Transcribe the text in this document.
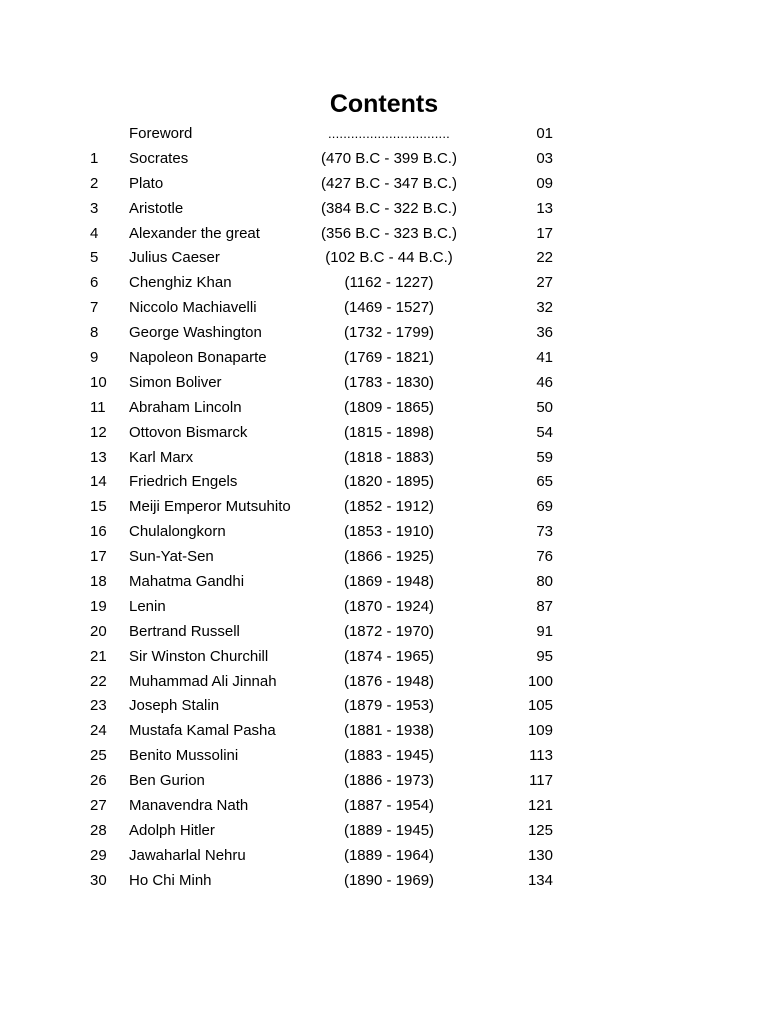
Contents
Foreword	................................	01
1 Socrates	(470 B.C - 399 B.C.)	03
2 Plato	(427 B.C - 347 B.C.)	09
3 Aristotle	(384 B.C - 322 B.C.)	13
4 Alexander the great	(356 B.C - 323 B.C.)	17
5 Julius Caeser	(102 B.C - 44 B.C.)	22
6 Chenghiz Khan	(1162 - 1227)	27
7 Niccolo Machiavelli	(1469 - 1527)	32
8 George Washington	(1732 - 1799)	36
9 Napoleon Bonaparte	(1769 - 1821)	41
10 Simon Boliver	(1783 - 1830)	46
11 Abraham Lincoln	(1809 - 1865)	50
12 Ottovon Bismarck	(1815 - 1898)	54
13 Karl Marx	(1818 - 1883)	59
14 Friedrich Engels	(1820 - 1895)	65
15 Meiji Emperor Mutsuhito	(1852 - 1912)	69
16 Chulalongkorn	(1853 - 1910)	73
17 Sun-Yat-Sen	(1866 - 1925)	76
18 Mahatma Gandhi	(1869 - 1948)	80
19 Lenin	(1870 - 1924)	87
20 Bertrand Russell	(1872 - 1970)	91
21 Sir Winston Churchill	(1874 - 1965)	95
22 Muhammad Ali Jinnah	(1876 - 1948)	100
23 Joseph Stalin	(1879 - 1953)	105
24 Mustafa Kamal Pasha	(1881 - 1938)	109
25 Benito Mussolini	(1883 - 1945)	113
26 Ben Gurion	(1886 - 1973)	117
27 Manavendra Nath	(1887 - 1954)	121
28 Adolph Hitler	(1889 - 1945)	125
29 Jawaharlal Nehru	(1889 - 1964)	130
30 Ho Chi Minh	(1890 - 1969)	134
